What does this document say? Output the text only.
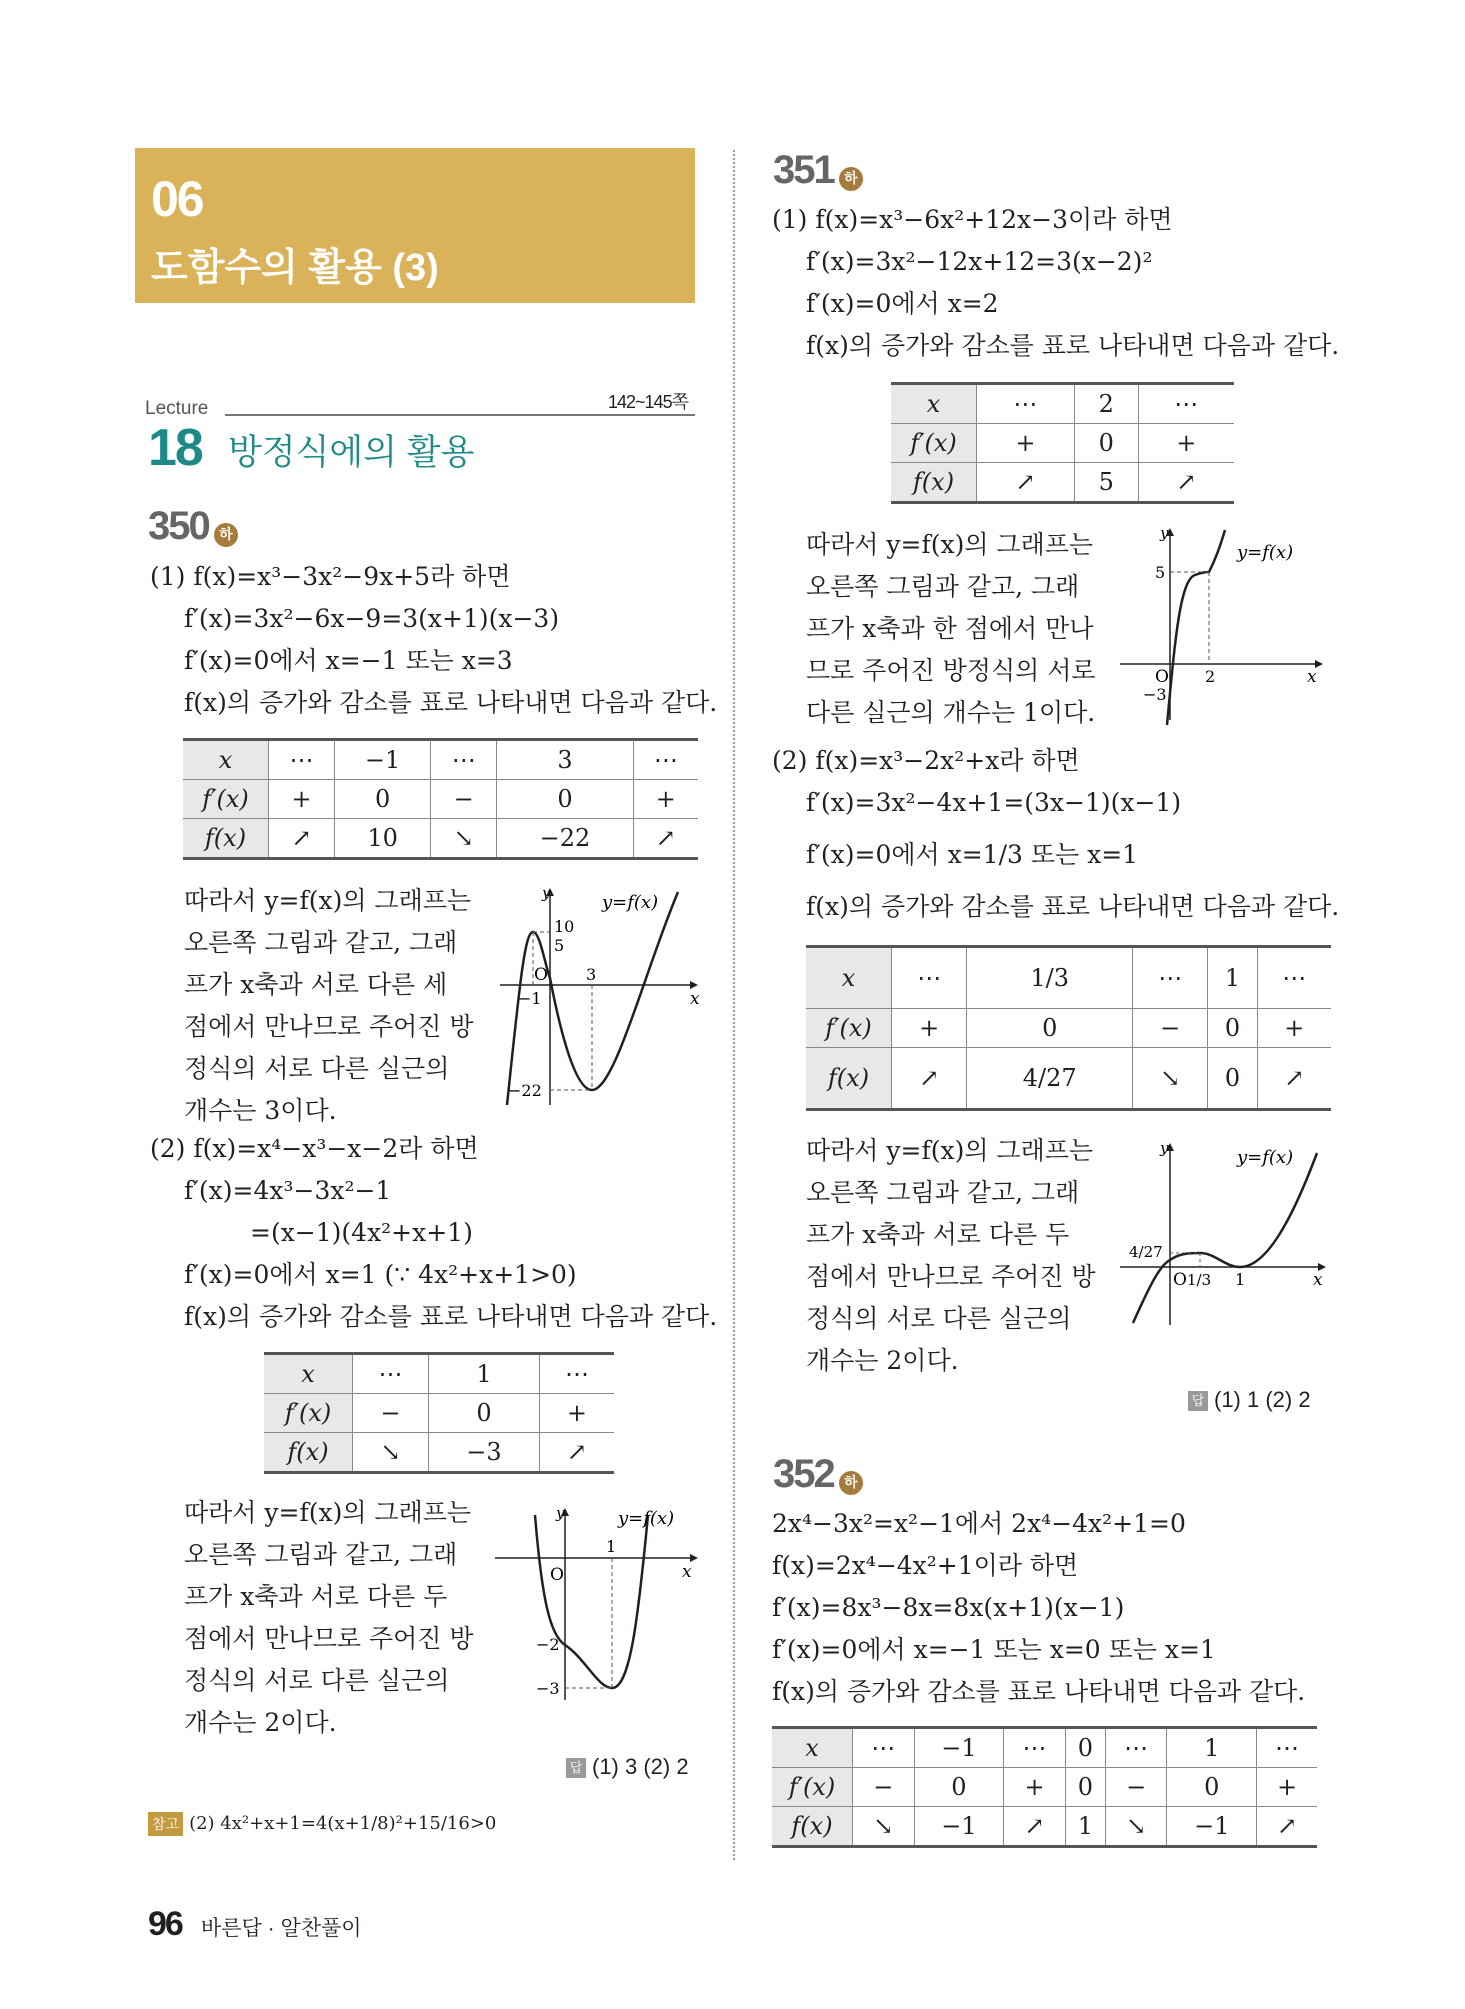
06
도함수의 활용 (3)
Lecture	142~145쪽
18 방정식에의 활용
350 하
(1) f(x)=x³−3x²−9x+5라 하면
f′(x)=3x²−6x−9=3(x+1)(x−3)
f′(x)=0에서 x=−1 또는 x=3
f(x)의 증가와 감소를 표로 나타내면 다음과 같다.
x	⋯	−1	⋯	3	⋯
f′(x)	+	0	−	0	+
f(x)	↗	10	↘	−22	↗
따라서 y=f(x)의 그래프는 오른쪽 그림과 같고, 그래프가 x축과 서로 다른 세 점에서 만나므로 주어진 방정식의 서로 다른 실근의 개수는 3이다.
y
x
y=f(x)
O
10
5
−1
3
−22
(2) f(x)=x⁴−x³−x−2라 하면
f′(x)=4x³−3x²−1
=(x−1)(4x²+x+1)
f′(x)=0에서 x=1 (∵ 4x²+x+1>0)
f(x)의 증가와 감소를 표로 나타내면 다음과 같다.
x	⋯	1	⋯
f′(x)	−	0	+
f(x)	↘	−3	↗
따라서 y=f(x)의 그래프는 오른쪽 그림과 같고, 그래프가 x축과 서로 다른 두 점에서 만나므로 주어진 방정식의 서로 다른 실근의 개수는 2이다.
y
x
y=f(x)
O
1
−2
−3
답 (1) 3 (2) 2
참고 (2) 4x²+x+1=4(x+1/8)²+15/16>0
351 하
(1) f(x)=x³−6x²+12x−3이라 하면
f′(x)=3x²−12x+12=3(x−2)²
f′(x)=0에서 x=2
f(x)의 증가와 감소를 표로 나타내면 다음과 같다.
x	⋯	2	⋯
f′(x)	+	0	+
f(x)	↗	5	↗
따라서 y=f(x)의 그래프는 오른쪽 그림과 같고, 그래프가 x축과 한 점에서 만나므로 주어진 방정식의 서로 다른 실근의 개수는 1이다.
y
x
y=f(x)
O
5
2
−3
(2) f(x)=x³−2x²+x라 하면
f′(x)=3x²−4x+1=(3x−1)(x−1)
f′(x)=0에서 x=1/3 또는 x=1
f(x)의 증가와 감소를 표로 나타내면 다음과 같다.
x	⋯	1/3	⋯	1	⋯
f′(x)	+	0	−	0	+
f(x)	↗	4/27	↘	0	↗
따라서 y=f(x)의 그래프는 오른쪽 그림과 같고, 그래프가 x축과 서로 다른 두 점에서 만나므로 주어진 방정식의 서로 다른 실근의 개수는 2이다.
y
x
y=f(x)
O
4/27
1/3 1
답 (1) 1 (2) 2
352 하
2x⁴−3x²=x²−1에서 2x⁴−4x²+1=0
f(x)=2x⁴−4x²+1이라 하면
f′(x)=8x³−8x=8x(x+1)(x−1)
f′(x)=0에서 x=−1 또는 x=0 또는 x=1
f(x)의 증가와 감소를 표로 나타내면 다음과 같다.
x	⋯	−1	⋯	0	⋯	1	⋯
f′(x)	−	0	+	0	−	0	+
f(x)	↘	−1	↗	1	↘	−1	↗
96 바른답 · 알찬풀이
